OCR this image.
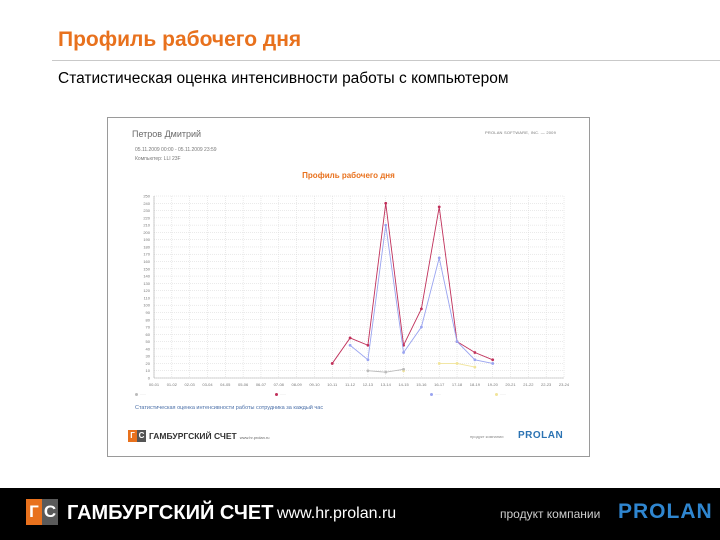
Профиль рабочего дня
Статистическая оценка интенсивности работы с компьютером
Петров Дмитрий	PROLAN SOFTWARE, INC. — 2009
05.11.2009 00:00 - 05.11.2009 23:59
Компьютер: LLI 23F
Профиль рабочего дня
0
10
20
30
40
50
60
70
80
90
100
110
120
130
140
150
160
170
180
190
200
210
220
230
240
250
00-01 01-02 02-03 03-04 04-05 05-06 06-07 07-08 08-09 09-10 10-11 11-12 12-13 13-14 14-15 15-16 16-17 17-18 18-19 19-20 20-21 21-22 22-23 23-24
······	······	······	······
Статистическая оценка интенсивности работы сотрудника за каждый час
Г С ГАМБУРГСКИЙ СЧЕТ www.hr.prolan.ru	продукт компании PROLAN
Г С ГАМБУРГСКИЙ СЧЕТ www.hr.prolan.ru	продукт компании PROLAN
